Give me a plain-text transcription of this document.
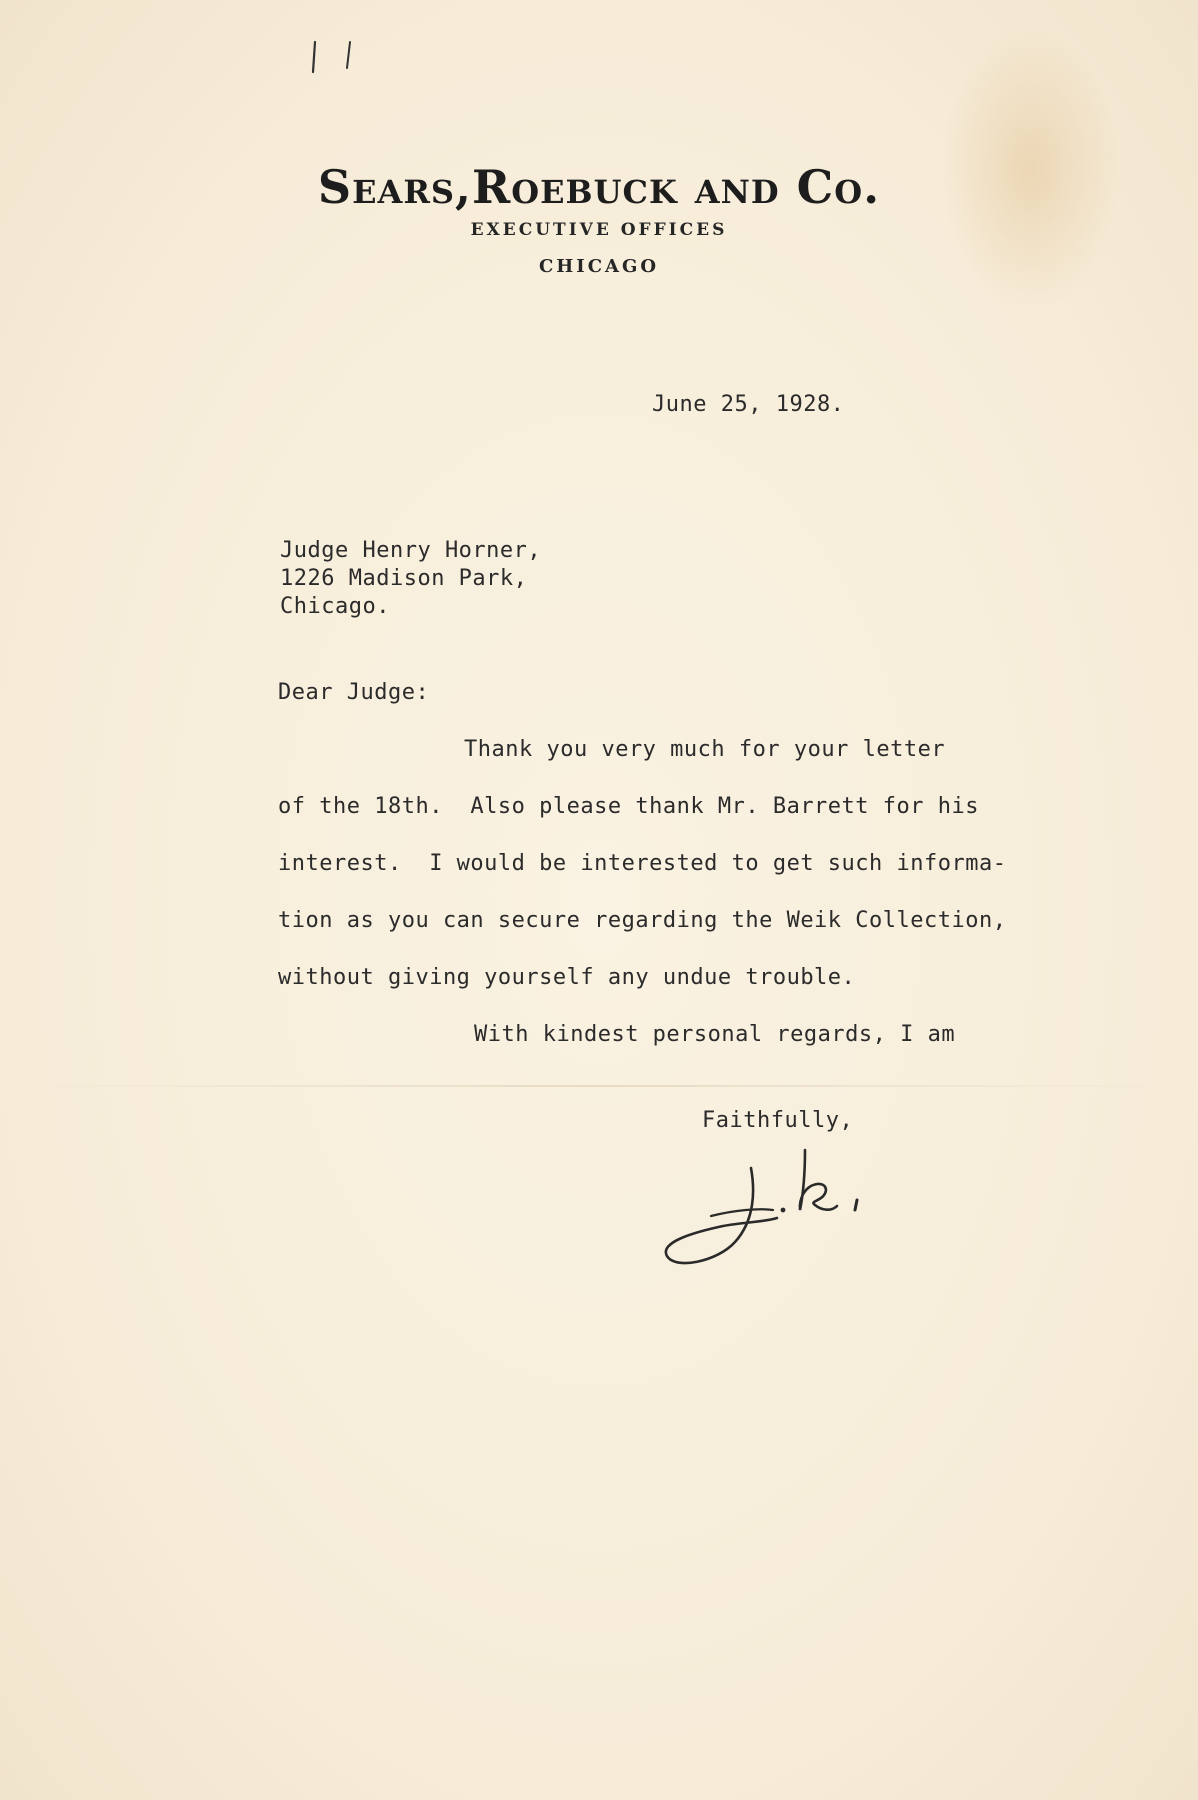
Sears,Roebuck and Co.
EXECUTIVE OFFICES
CHICAGO
June 25, 1928.
Judge Henry Horner,
1226 Madison Park,
Chicago.
Dear Judge:
Thank you very much for your letter
of the 18th.  Also please thank Mr. Barrett for his
interest.  I would be interested to get such informa-
tion as you can secure regarding the Weik Collection,
without giving yourself any undue trouble.
With kindest personal regards, I am
Faithfully,
